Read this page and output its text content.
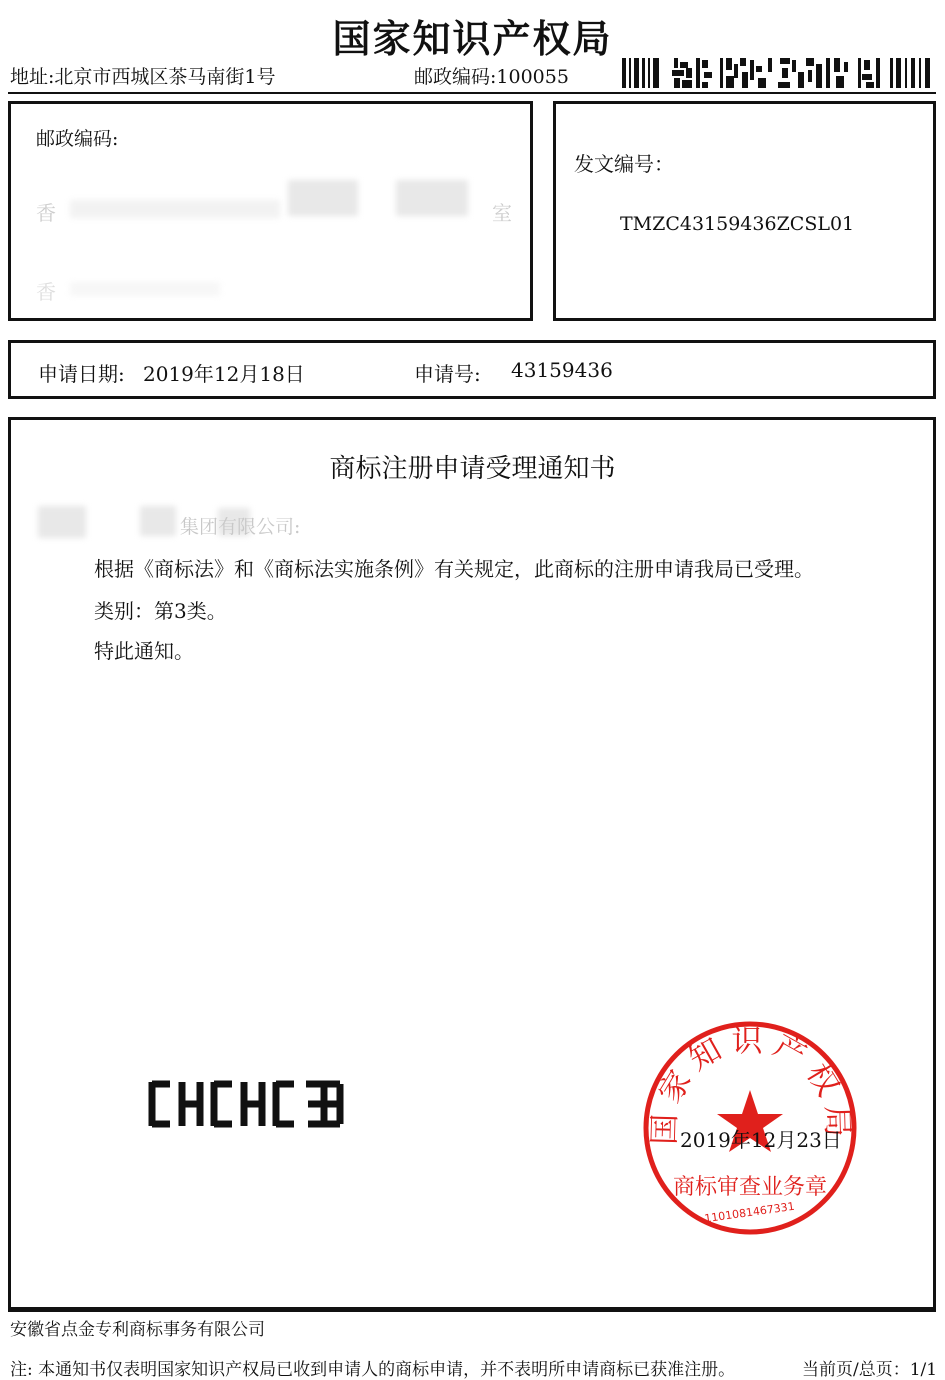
国家知识产权局
地址:北京市西城区茶马南街1号	邮政编码:100055
邮政编码:
香	室
香
发文编号：
TMZC43159436ZCSL01
申请日期: 2019年12月18日	申请号: 43159436
商标注册申请受理通知书
集团有限公司:
根据《商标法》和《商标法实施条例》有关规定，此商标的注册申请我局已受理。
类别：第3类。
特此通知。
国家知识产权局
商标审查业务章
1101081467331
2019年12月23日
安徽省点金专利商标事务有限公司
注: 本通知书仅表明国家知识产权局已收到申请人的商标申请，并不表明所申请商标已获准注册。	当前页/总页：1/1
